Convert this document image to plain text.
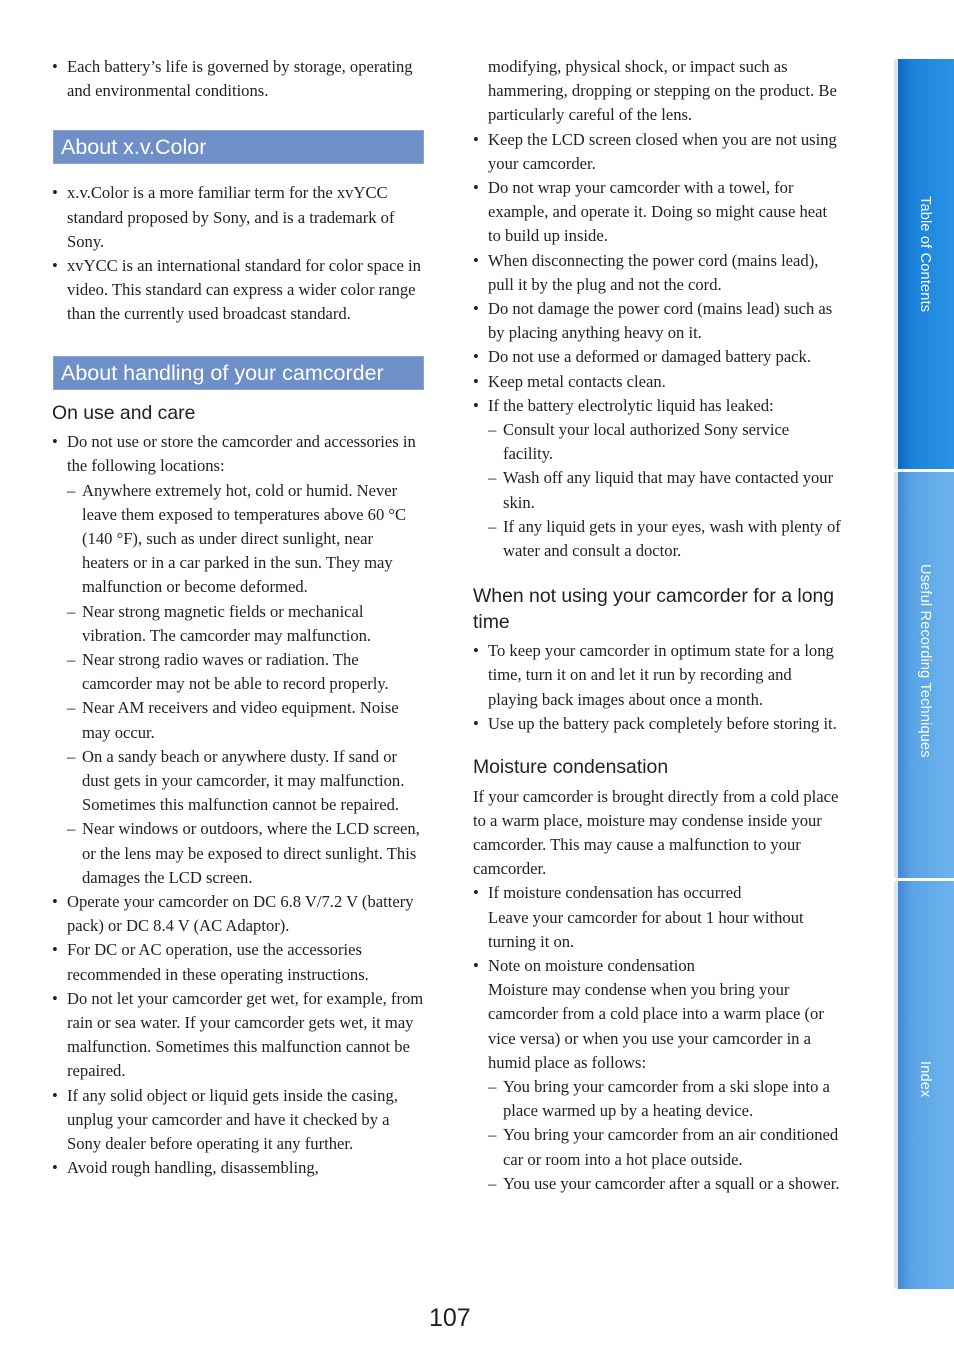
• Each battery’s life is governed by storage, operating and environmental conditions.
About x.v.Color
• x.v.Color is a more familiar term for the xvYCC standard proposed by Sony, and is a trademark of Sony.
• xvYCC is an international standard for color space in video. This standard can express a wider color range than the currently used broadcast standard.
About handling of your camcorder
On use and care
• Do not use or store the camcorder and accessories in the following locations:
– Anywhere extremely hot, cold or humid. Never leave them exposed to temperatures above 60 °C (140 °F), such as under direct sunlight, near heaters or in a car parked in the sun. They may malfunction or become deformed.
– Near strong magnetic fields or mechanical vibration. The camcorder may malfunction.
– Near strong radio waves or radiation. The camcorder may not be able to record properly.
– Near AM receivers and video equipment. Noise may occur.
– On a sandy beach or anywhere dusty. If sand or dust gets in your camcorder, it may malfunction. Sometimes this malfunction cannot be repaired.
– Near windows or outdoors, where the LCD screen, or the lens may be exposed to direct sunlight. This damages the LCD screen.
• Operate your camcorder on DC 6.8 V/7.2 V (battery pack) or DC 8.4 V (AC Adaptor).
• For DC or AC operation, use the accessories recommended in these operating instructions.
• Do not let your camcorder get wet, for example, from rain or sea water. If your camcorder gets wet, it may malfunction. Sometimes this malfunction cannot be repaired.
• If any solid object or liquid gets inside the casing, unplug your camcorder and have it checked by a Sony dealer before operating it any further.
• Avoid rough handling, disassembling,

modifying, physical shock, or impact such as hammering, dropping or stepping on the product. Be particularly careful of the lens.

• Keep the LCD screen closed when you are not using your camcorder.
• Do not wrap your camcorder with a towel, for example, and operate it. Doing so might cause heat to build up inside.
• When disconnecting the power cord (mains lead), pull it by the plug and not the cord.
• Do not damage the power cord (mains lead) such as by placing anything heavy on it.
• Do not use a deformed or damaged battery pack.
• Keep metal contacts clean.
• If the battery electrolytic liquid has leaked:
– Consult your local authorized Sony service facility.
– Wash off any liquid that may have contacted your skin.
– If any liquid gets in your eyes, wash with plenty of water and consult a doctor.
When not using your camcorder for a long time
• To keep your camcorder in optimum state for a long time, turn it on and let it run by recording and playing back images about once a month.
• Use up the battery pack completely before storing it.
Moisture condensation

If your camcorder is brought directly from a cold place to a warm place, moisture may condense inside your camcorder. This may cause a malfunction to your camcorder.

• If moisture condensation has occurred
Leave your camcorder for about 1 hour without turning it on.
• Note on moisture condensation
Moisture may condense when you bring your camcorder from a cold place into a warm place (or vice versa) or when you use your camcorder in a humid place as follows:
– You bring your camcorder from a ski slope into a place warmed up by a heating device.
– You bring your camcorder from an air conditioned car or room into a hot place outside.
– You use your camcorder after a squall or a shower.
Table of Contents
Useful Recording Techniques
Index
107
